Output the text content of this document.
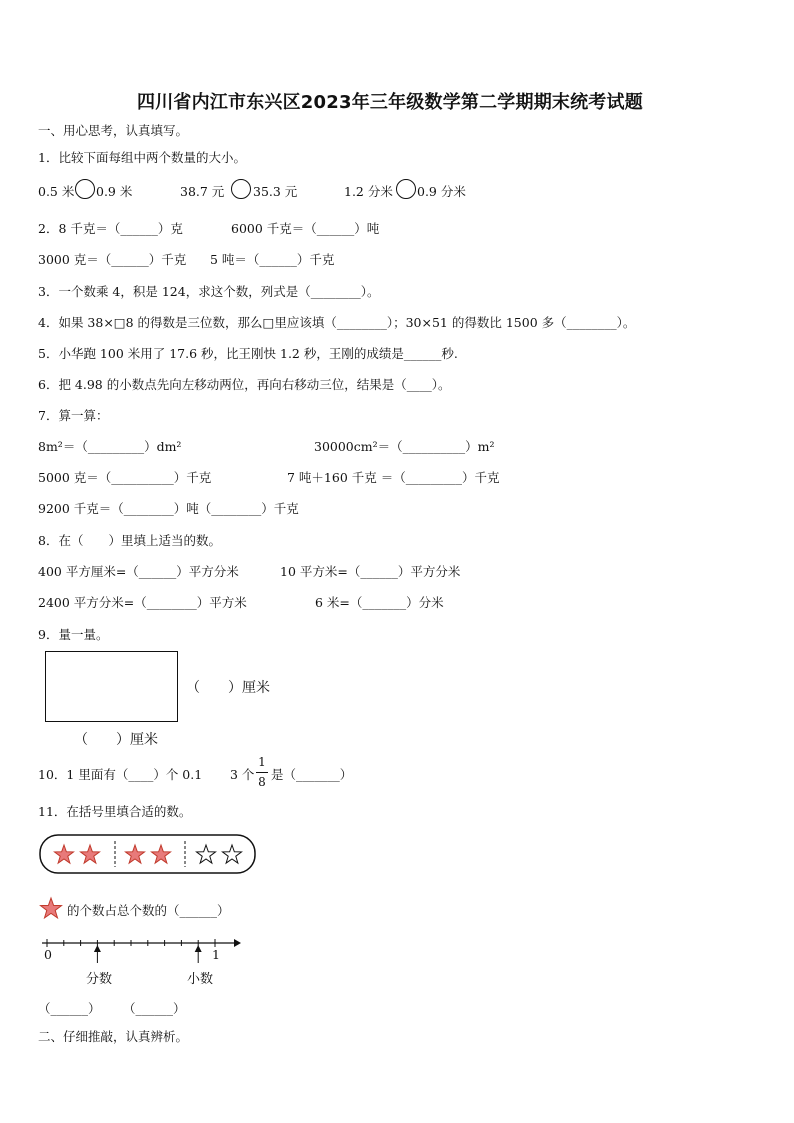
四川省内江市东兴区2023年三年级数学第二学期期末统考试题
一、用心思考，认真填写。
1．比较下面每组中两个数量的大小。
0.5 米 0.9 米	38.7 元 35.3 元	1.2 分米 0.9 分米
2．8 千克＝（______）克	6000 千克＝（______）吨
3000 克＝（______）千克 5 吨＝（______）千克
3．一个数乘 4，积是 124，求这个数，列式是（________）。
4．如果 38×□8 的得数是三位数，那么□里应该填（________）；30×51 的得数比 1500 多（________）。
5．小华跑 100 米用了 17.6 秒，比王刚快 1.2 秒，王刚的成绩是______秒.
6．把 4.98 的小数点先向左移动两位，再向右移动三位，结果是（____）。
7．算一算：
8m²＝（_________）dm²	30000cm²＝（__________）m²
5000 克＝（__________）千克	7 吨＋160 千克 ＝（_________）千克
9200 千克＝（________）吨（________）千克
8．在（　　）里填上适当的数。
400 平方厘米=（______）平方分米	10 平方米=（______）平方分米
2400 平方分米=（________）平方米	6 米=（_______）分米
9．量一量。
（　　）厘米
（　　）厘米
10．1 里面有（____）个 0.1 3 个
1
8 是（_______）
11．在括号里填合适的数。
的个数占总个数的（______）
0	1
分数	小数
（______） （______）
二、仔细推敲，认真辨析。
